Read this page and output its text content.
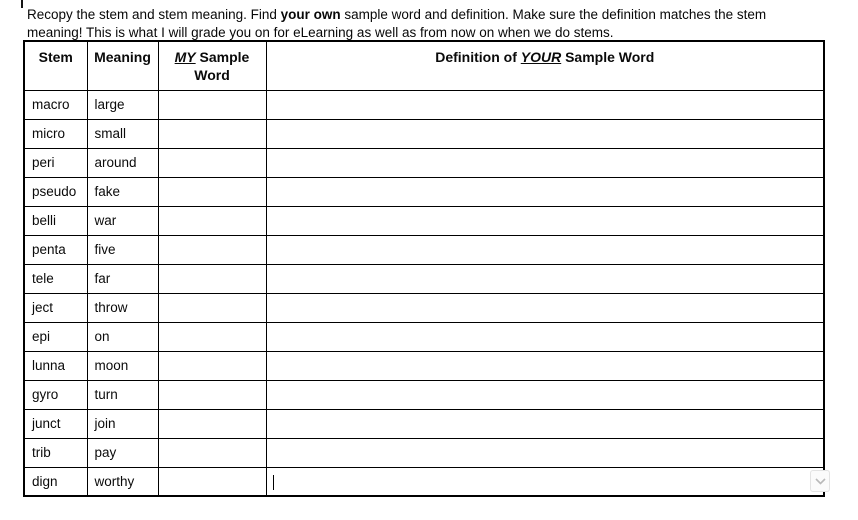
Recopy the stem and stem meaning. Find your own sample word and definition. Make sure the definition matches the stem
meaning! This is what I will grade you on for eLearning as well as from now on when we do stems.

Stem	Meaning	MY Sample Word	Definition of YOUR Sample Word
macro	large		
micro	small		
peri	around		
pseudo	fake		
belli	war		
penta	five		
tele	far		
ject	throw		
epi	on		
lunna	moon		
gyro	turn		
junct	join		
trib	pay		
dign	worthy		
